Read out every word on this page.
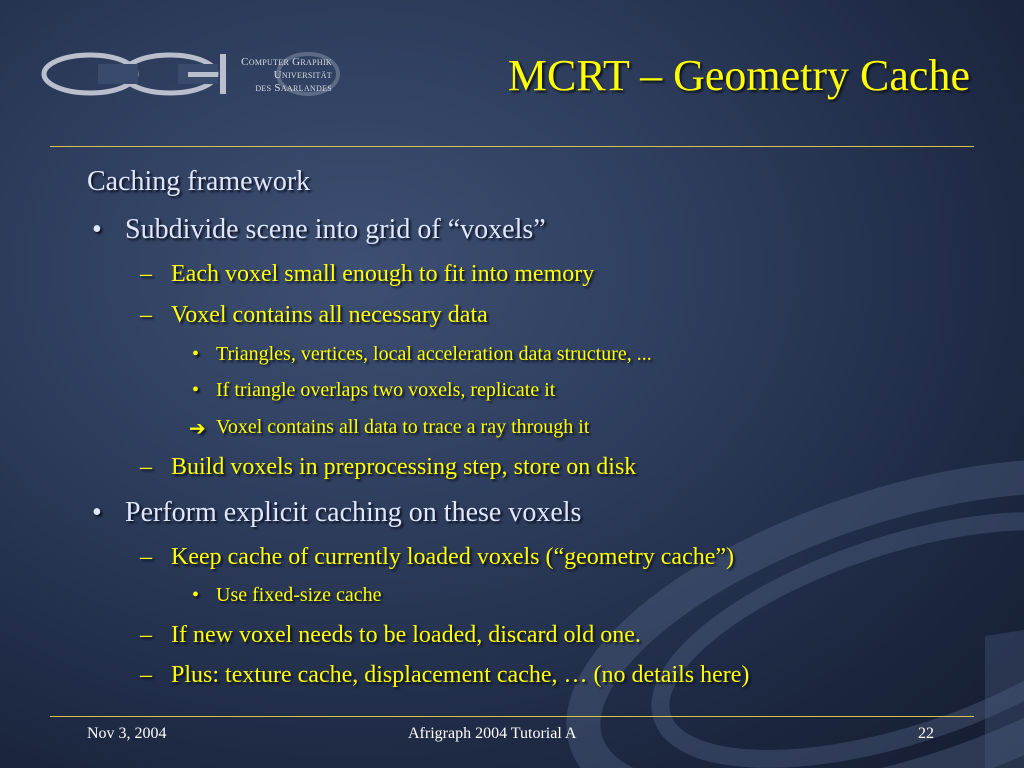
Computer Graphik
Universität
des Saarlandes	MCRT – Geometry Cache
Caching framework
• Subdivide scene into grid of “voxels”
– Each voxel small enough to fit into memory
– Voxel contains all necessary data
• Triangles, vertices, local acceleration data structure, ...
• If triangle overlaps two voxels, replicate it
➔ Voxel contains all data to trace a ray through it
– Build voxels in preprocessing step, store on disk
• Perform explicit caching on these voxels
– Keep cache of currently loaded voxels (“geometry cache”)
• Use fixed-size cache
– If new voxel needs to be loaded, discard old one.
– Plus: texture cache, displacement cache, … (no details here)
Nov 3, 2004	Afrigraph 2004 Tutorial A	22
